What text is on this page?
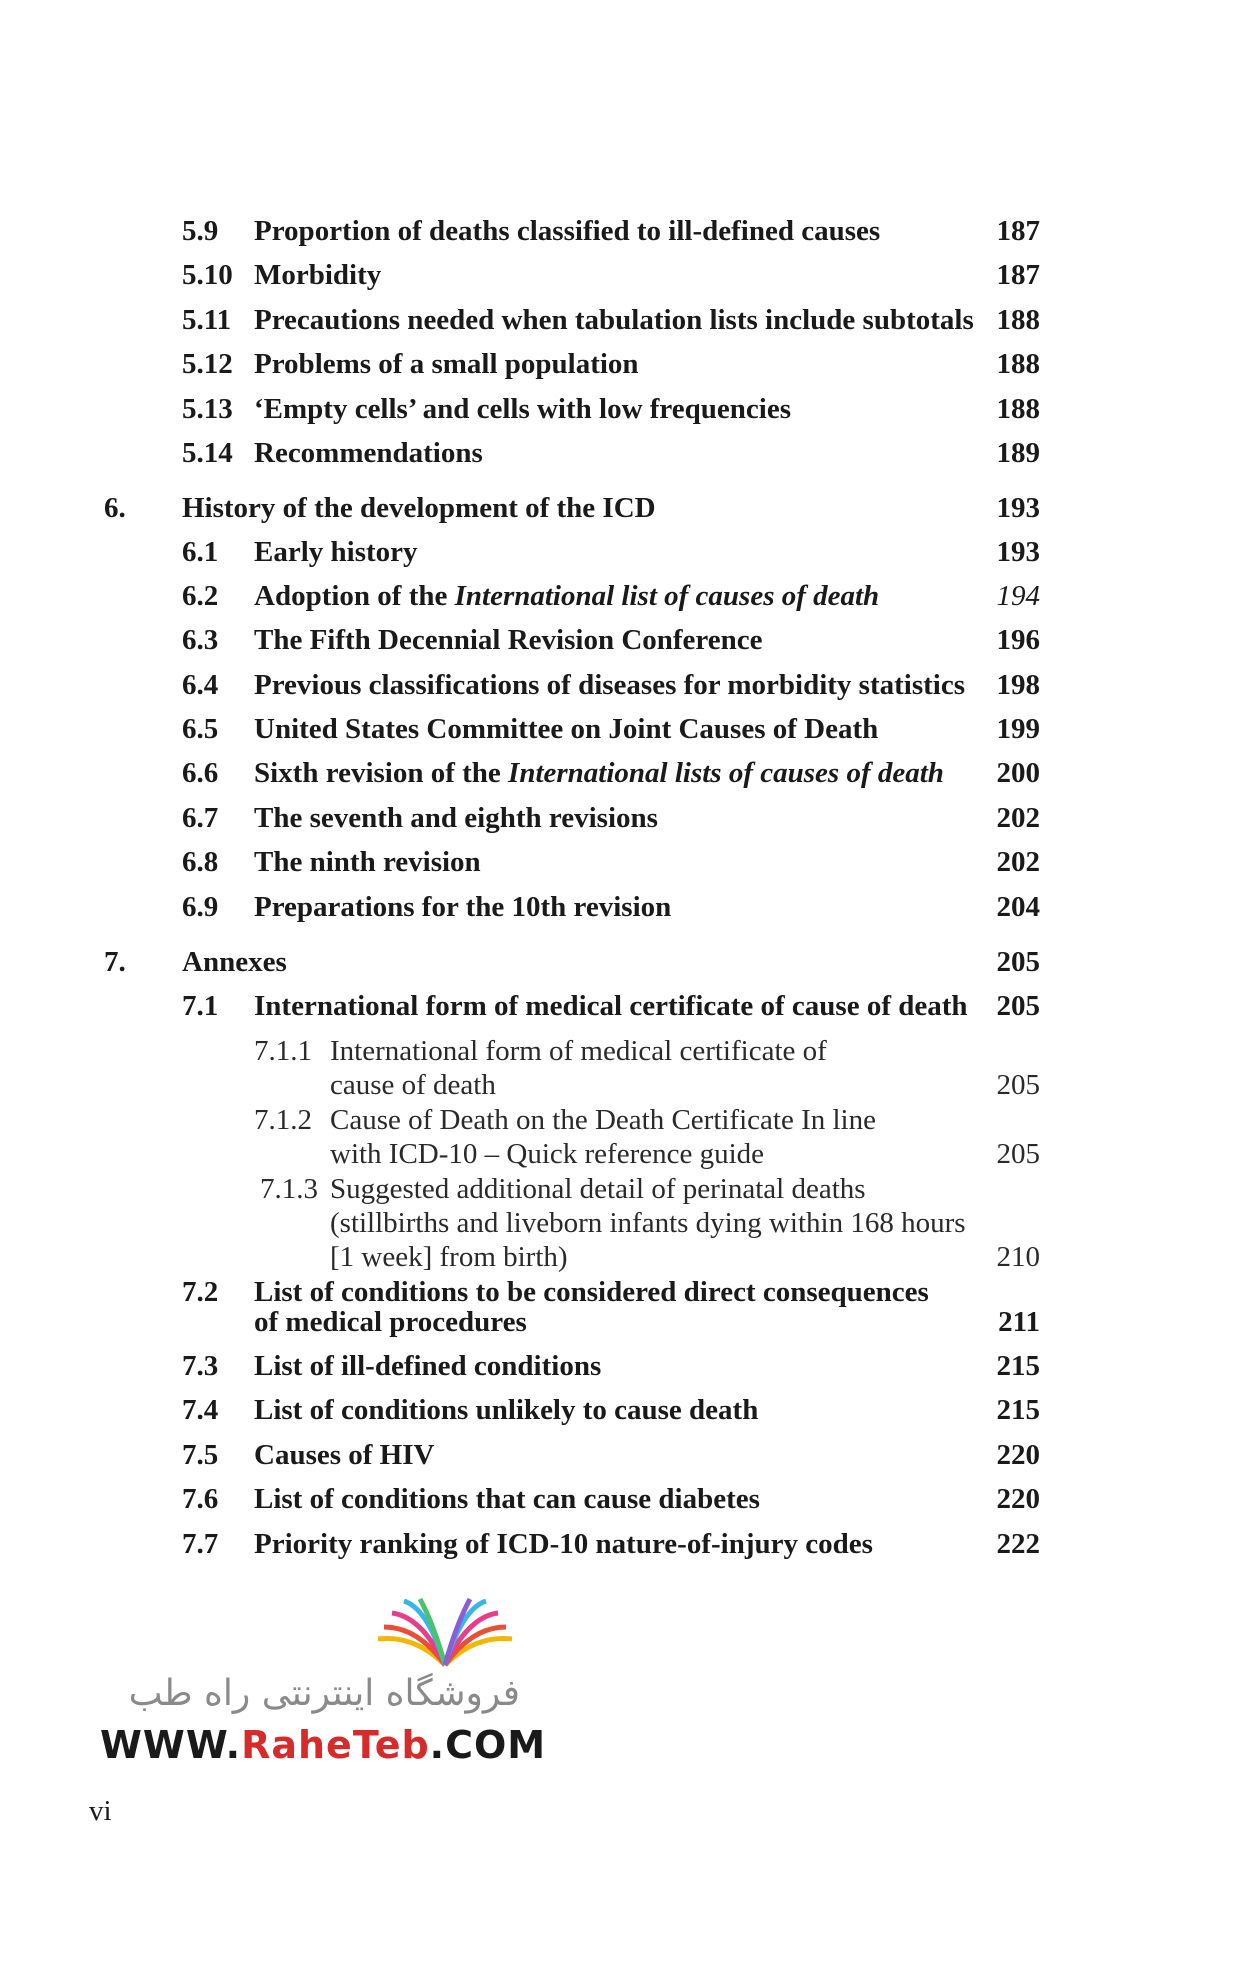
5.9 Proportion of deaths classified to ill-defined causes	187
5.10 Morbidity	187
5.11 Precautions needed when tabulation lists include subtotals 188
5.12 Problems of a small population	188
5.13 ‘Empty cells’ and cells with low frequencies	188
5.14 Recommendations	189
6. History of the development of the ICD	193
6.1 Early history	193
6.2 Adoption of the International list of causes of death	194
6.3 The Fifth Decennial Revision Conference	196
6.4 Previous classifications of diseases for morbidity statistics 198
6.5 United States Committee on Joint Causes of Death	199
6.6 Sixth revision of the International lists of causes of death 200
6.7 The seventh and eighth revisions	202
6.8 The ninth revision	202
6.9 Preparations for the 10th revision	204
7. Annexes	205
7.1 International form of medical certificate of cause of death 205
7.1.1 International form of medical certificate of
cause of death	205
7.1.2 Cause of Death on the Death Certificate In line
with ICD-10 – Quick reference guide	205
7.1.3 Suggested additional detail of perinatal deaths
(stillbirths and liveborn infants dying within 168 hours
[1 week] from birth)	210
7.2 List of conditions to be considered direct consequences
of medical procedures	211
7.3 List of ill-defined conditions	215
7.4 List of conditions unlikely to cause death	215
7.5 Causes of HIV	220
7.6 List of conditions that can cause diabetes	220
7.7 Priority ranking of ICD-10 nature-of-injury codes	222
فروشگاه اینترنتی راه طب
WWW.RaheTeb.COM
vi
